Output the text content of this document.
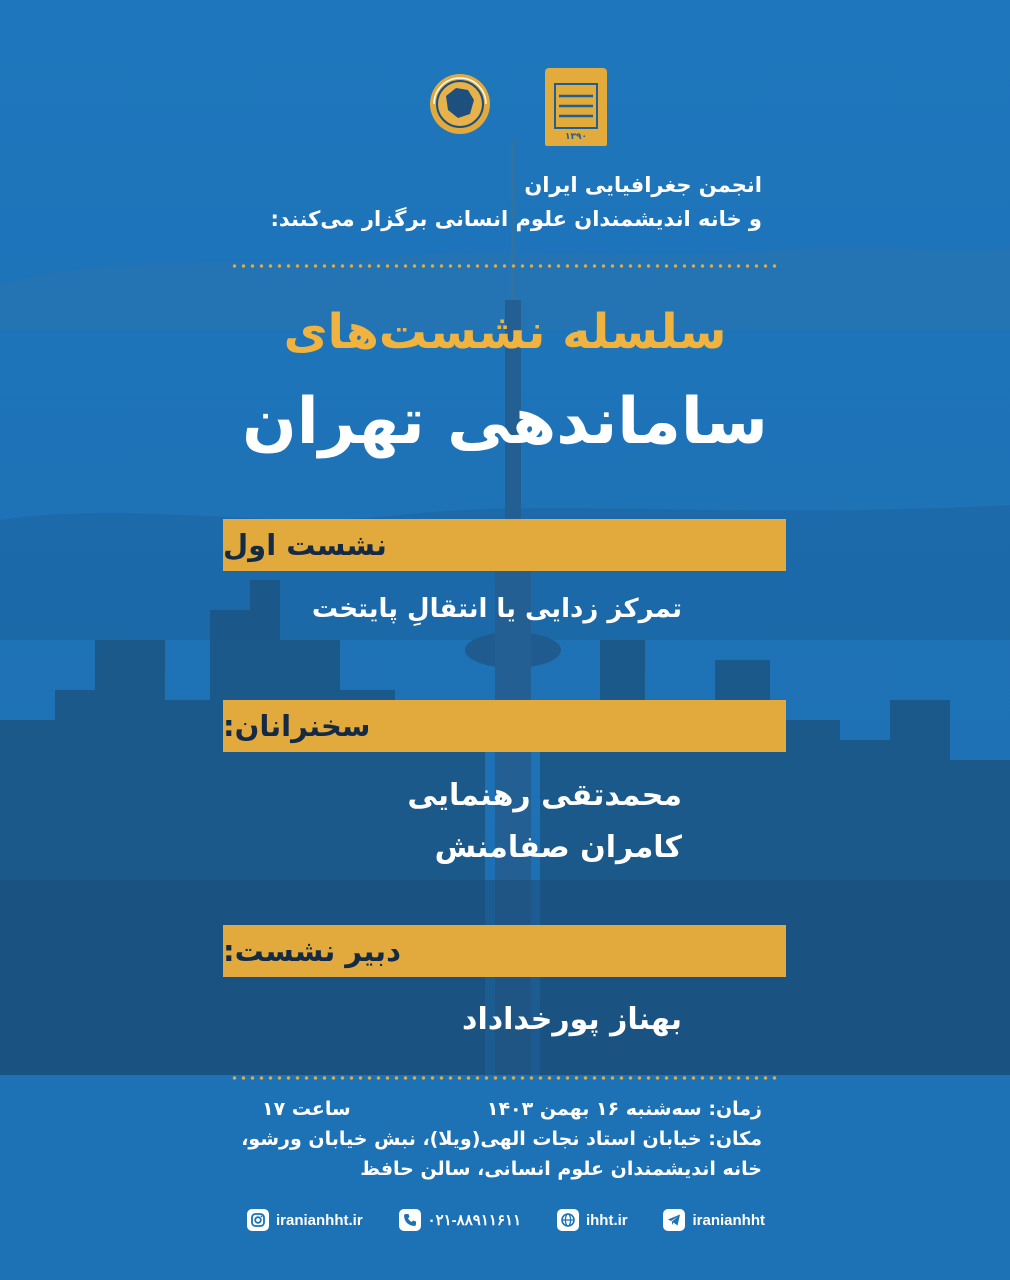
۱۳۹۰
انجمن جغرافیایی ایران
و خانه اندیشمندان علوم انسانی برگزار می‌کنند:
سلسله نشست‌های
ساماندهی تهران
نشست اول
تمرکز زدایی یا انتقالِ پایتخت
سخنرانان:
محمدتقی رهنمایی
کامران صفامنش
دبیر نشست:
بهناز پورخداداد
زمان: سه‌شنبه ۱۶ بهمن ۱۴۰۳
ساعت ۱۷
مکان: خیابان استاد نجات الهی(ویلا)، نبش خیابان ورشو،
خانه اندیشمندان علوم انسانی، سالن حافظ
iranianhht.ir	۰۲۱-۸۸۹۱۱۶۱۱	ihht.ir	iranianhht
